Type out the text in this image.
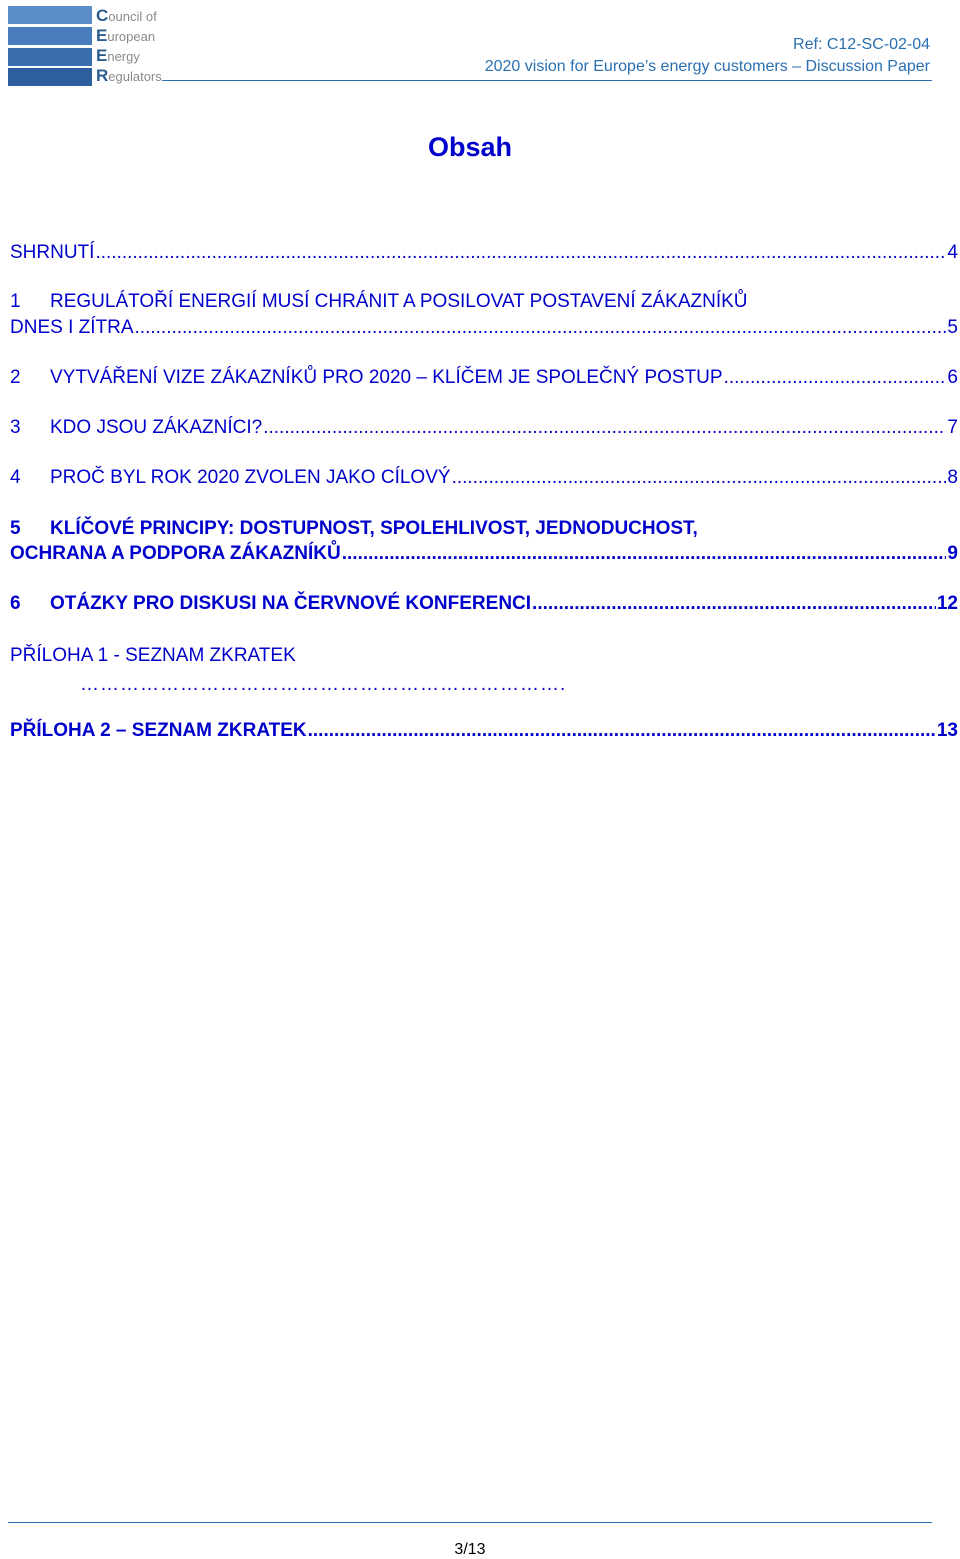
Council of
European
Energy
Regulators
Ref: C12-SC-02-04
2020 vision for Europe’s energy customers – Discussion Paper
Obsah
SHRNUTÍ .....	4
1 REGULÁTOŘÍ ENERGIÍ MUSÍ CHRÁNIT A POSILOVAT POSTAVENÍ ZÁKAZNÍKŮ
DNES I ZÍTRA .....	5
2	VYTVÁŘENÍ VIZE ZÁKAZNÍKŮ PRO 2020 – KLÍČEM JE SPOLEČNÝ POSTUP .....	6
3	KDO JSOU ZÁKAZNÍCI? .....	7
4	PROČ BYL ROK 2020 ZVOLEN JAKO CÍLOVÝ .....	8
5 KLÍČOVÉ PRINCIPY: DOSTUPNOST, SPOLEHLIVOST, JEDNODUCHOST,
OCHRANA A PODPORA ZÁKAZNÍKŮ .....	9
6	OTÁZKY PRO DISKUSI NA ČERVNOVÉ KONFERENCI .....	12
PŘÍLOHA 1 - SEZNAM ZKRATEK
……………………………………………………………….
PŘÍLOHA 2 – SEZNAM ZKRATEK .....	13
3/13
